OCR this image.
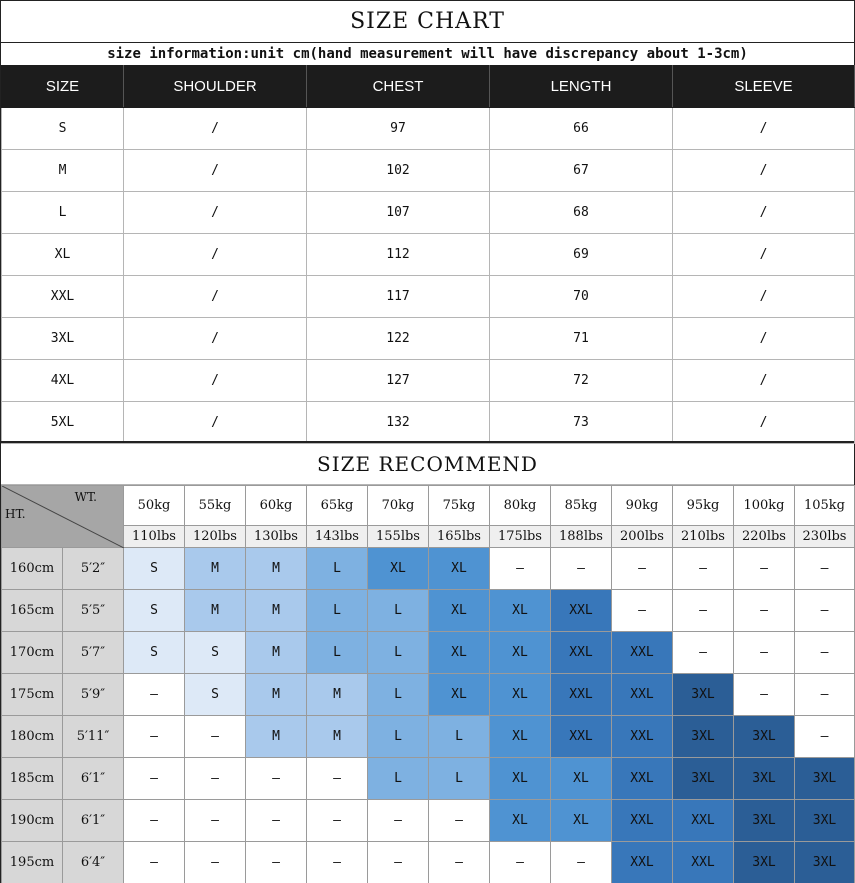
SIZE CHART
size information:unit cm(hand measurement will have discrepancy about 1-3cm)
SIZE	SHOULDER	CHEST	LENGTH	SLEEVE
S	/	97	66	/
M	/	102	67	/
L	/	107	68	/
XL	/	112	69	/
XXL	/	117	70	/
3XL	/	122	71	/
4XL	/	127	72	/
5XL	/	132	73	/
SIZE RECOMMEND
WT.
HT.		50kg	55kg	60kg	65kg	70kg	75kg	80kg	85kg	90kg	95kg	100kg	105kg
		110lbs	120lbs	130lbs	143lbs	155lbs	165lbs	175lbs	188lbs	200lbs	210lbs	220lbs	230lbs
160cm	5′2″	S	M	M	L	XL	XL	–	–	–	–	–	–
165cm	5′5″	S	M	M	L	L	XL	XL	XXL	–	–	–	–
170cm	5′7″	S	S	M	L	L	XL	XL	XXL	XXL	–	–	–
175cm	5′9″	–	S	M	M	L	XL	XL	XXL	XXL	3XL	–	–
180cm	5′11″	–	–	M	M	L	L	XL	XXL	XXL	3XL	3XL	–
185cm	6′1″	–	–	–	–	L	L	XL	XL	XXL	3XL	3XL	3XL
190cm	6′1″	–	–	–	–	–	–	XL	XL	XXL	XXL	3XL	3XL
195cm	6′4″	–	–	–	–	–	–	–	–	XXL	XXL	3XL	3XL
